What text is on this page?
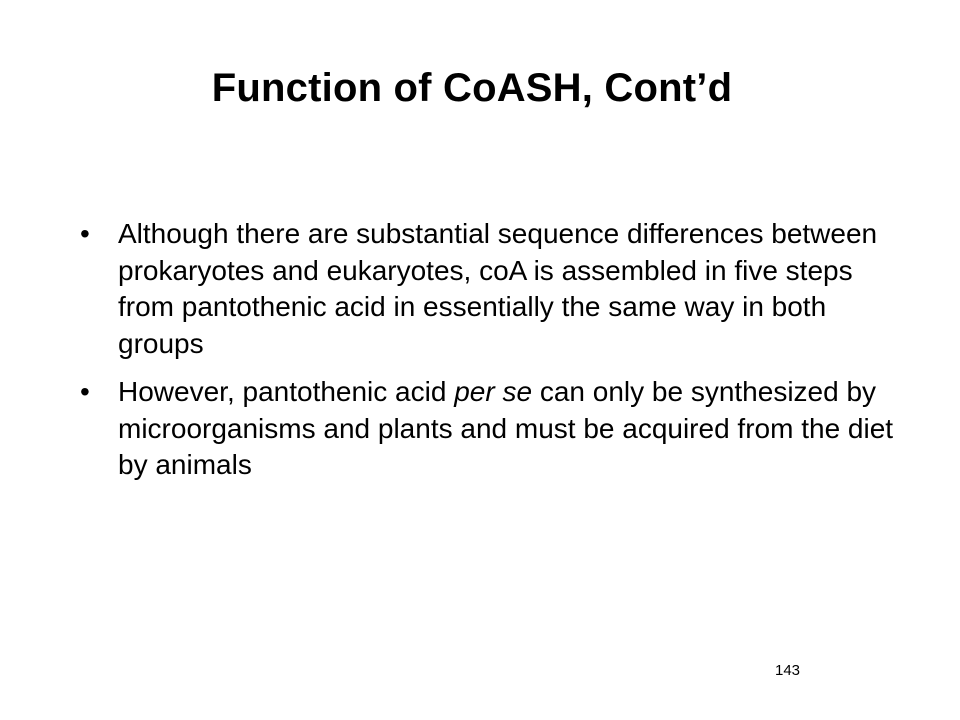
Function of CoASH, Cont’d
•	Although there are substantial sequence differences between prokaryotes and eukaryotes, coA is assembled in five steps from pantothenic acid in essentially the same way in both groups
•	However, pantothenic acid per se can only be synthesized by microorganisms and plants and must be acquired from the diet by animals
143
